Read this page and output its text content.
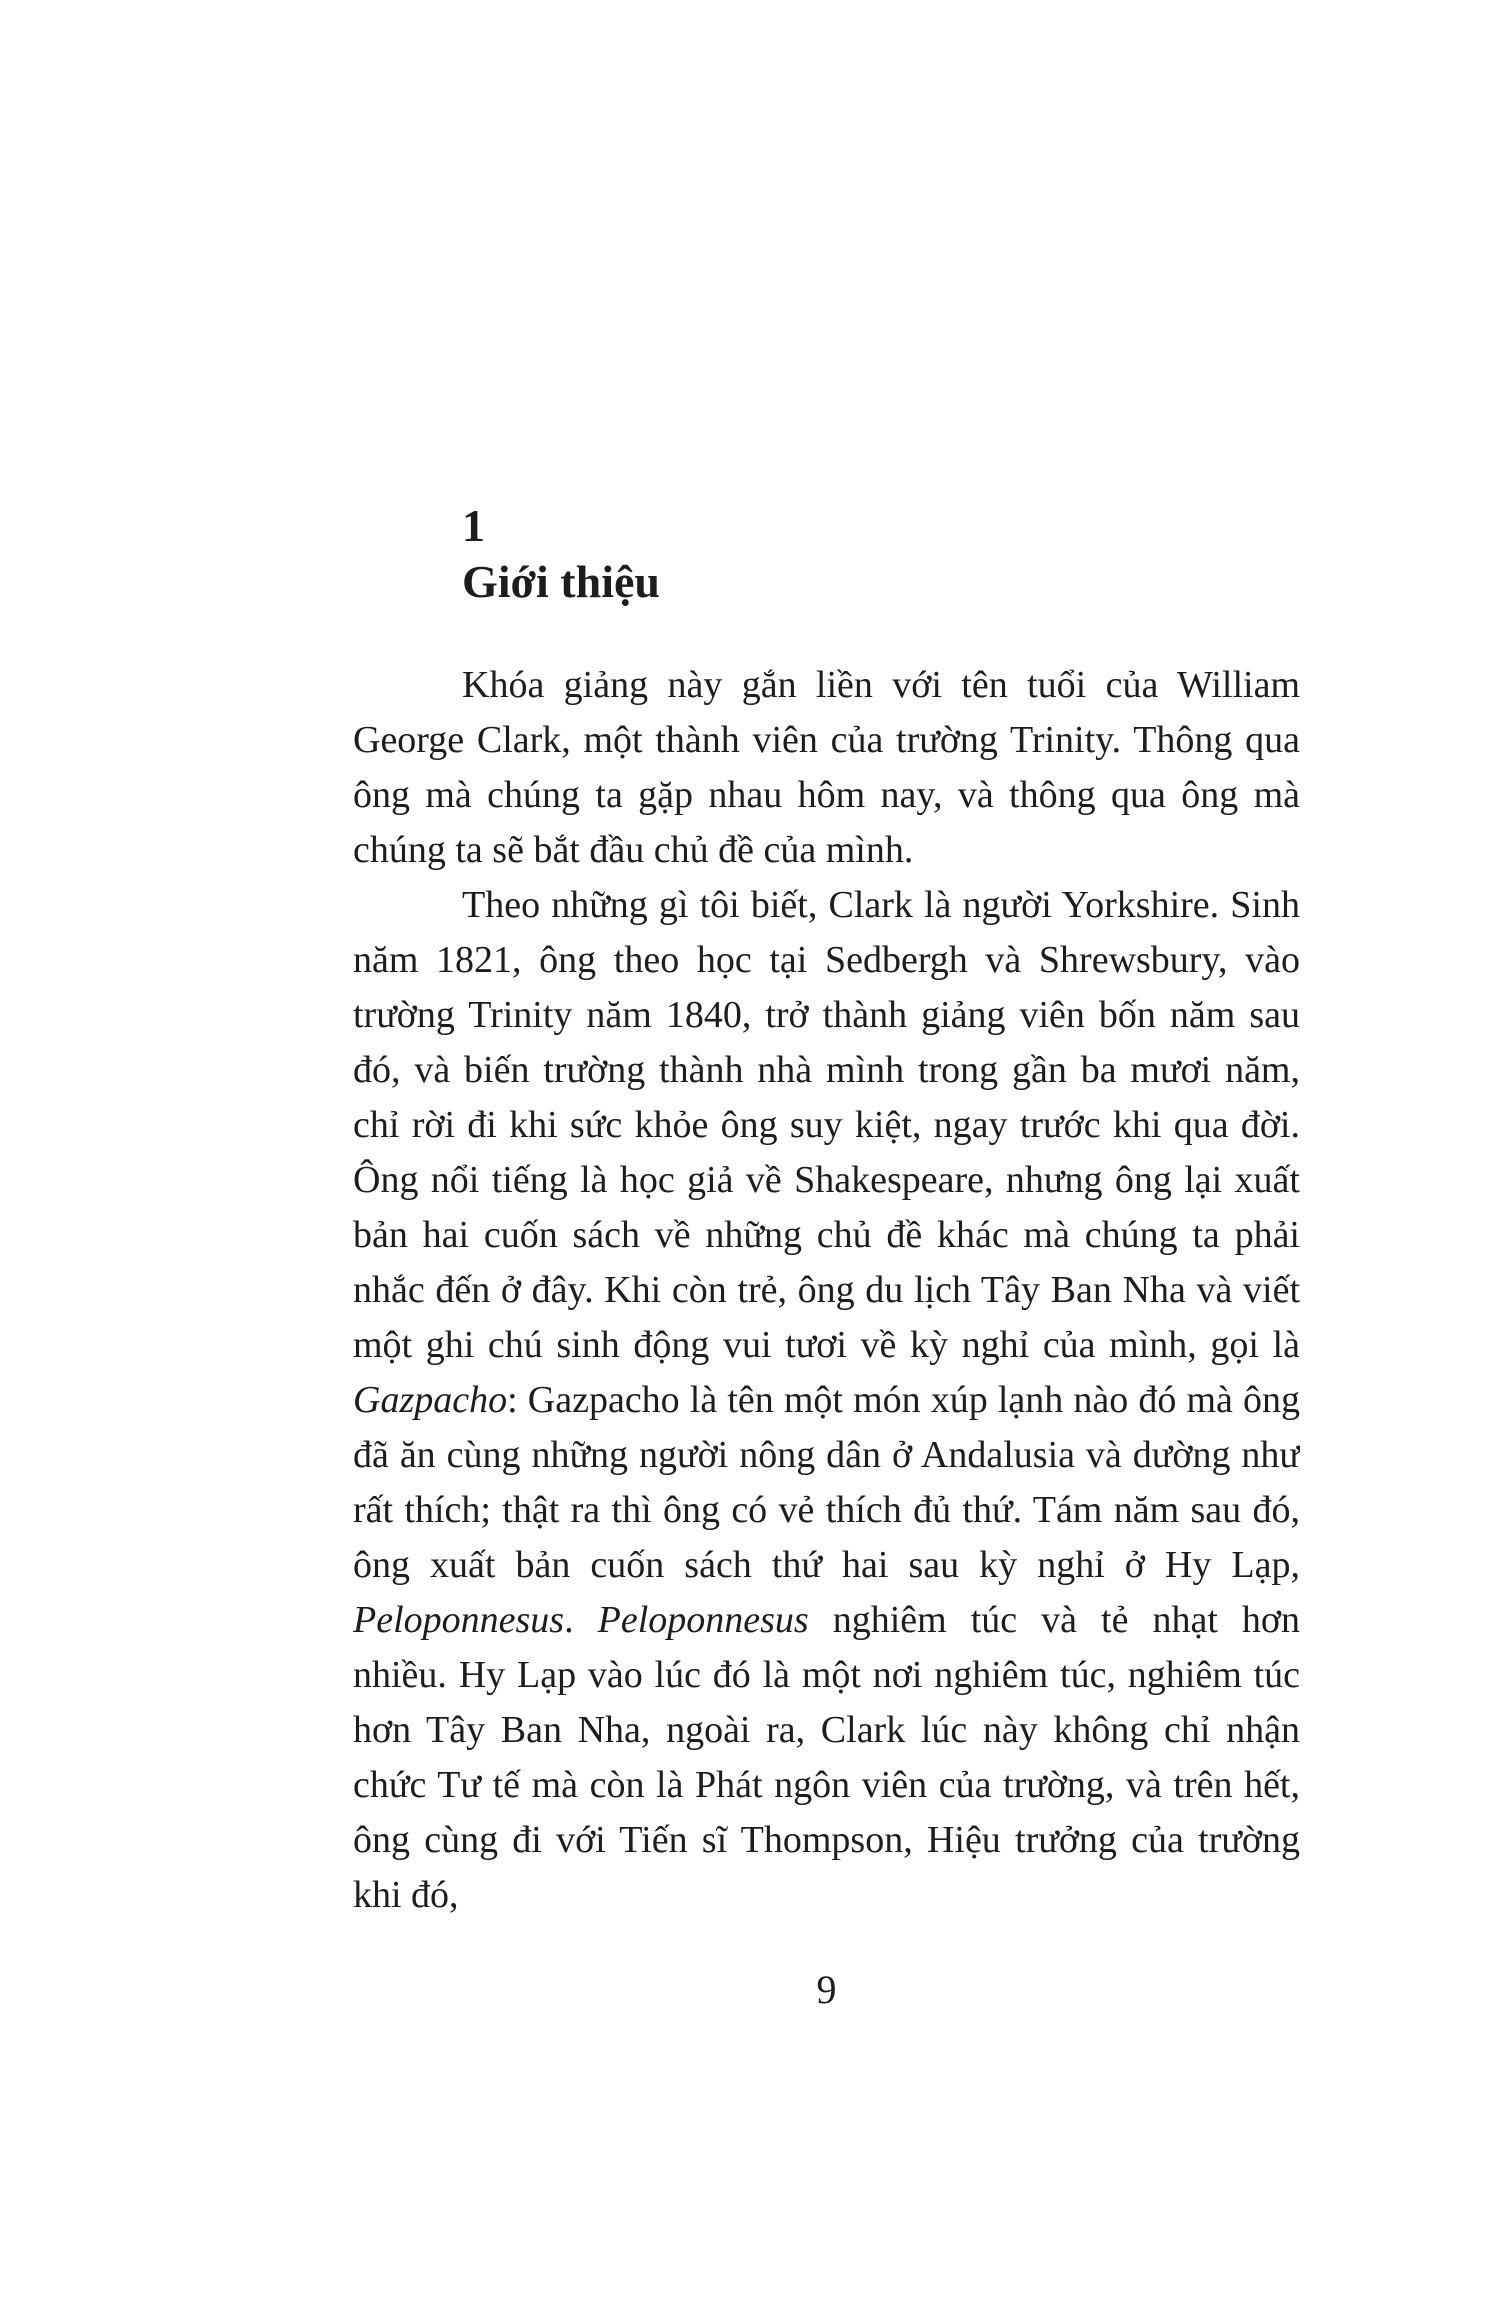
1
Giới thiệu

Khóa giảng này gắn liền với tên tuổi của William George Clark, một thành viên của trường Trinity. Thông qua ông mà chúng ta gặp nhau hôm nay, và thông qua ông mà chúng ta sẽ bắt đầu chủ đề của mình.

Theo những gì tôi biết, Clark là người Yorkshire. Sinh năm 1821, ông theo học tại Sedbergh và Shrewsbury, vào trường Trinity năm 1840, trở thành giảng viên bốn năm sau đó, và biến trường thành nhà mình trong gần ba mươi năm, chỉ rời đi khi sức khỏe ông suy kiệt, ngay trước khi qua đời. Ông nổi tiếng là học giả về Shakespeare, nhưng ông lại xuất bản hai cuốn sách về những chủ đề khác mà chúng ta phải nhắc đến ở đây. Khi còn trẻ, ông du lịch Tây Ban Nha và viết một ghi chú sinh động vui tươi về kỳ nghỉ của mình, gọi là Gazpacho: Gazpacho là tên một món xúp lạnh nào đó mà ông đã ăn cùng những người nông dân ở Andalusia và dường như rất thích; thật ra thì ông có vẻ thích đủ thứ. Tám năm sau đó, ông xuất bản cuốn sách thứ hai sau kỳ nghỉ ở Hy Lạp, Peloponnesus. Peloponnesus nghiêm túc và tẻ nhạt hơn nhiều. Hy Lạp vào lúc đó là một nơi nghiêm túc, nghiêm túc hơn Tây Ban Nha, ngoài ra, Clark lúc này không chỉ nhận chức Tư tế mà còn là Phát ngôn viên của trường, và trên hết, ông cùng đi với Tiến sĩ Thompson, Hiệu trưởng của trường khi đó,

9
